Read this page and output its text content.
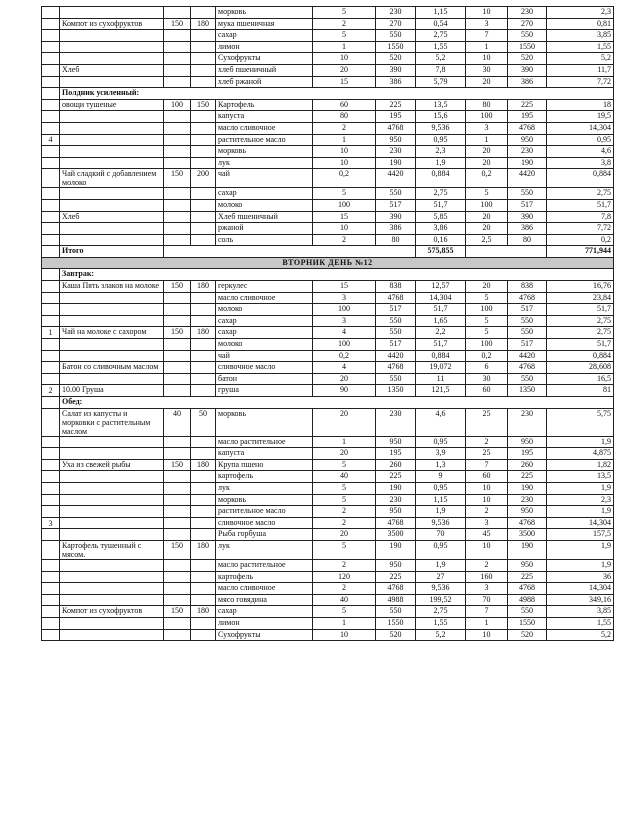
				морковь	5	230	1,15	10	230	2,3
	Компот из сухофруктов	150	180	мука пшеничная	2	270	0,54	3	270	0,81
				сахар	5	550	2,75	7	550	3,85
				лимон	1	1550	1,55	1	1550	1,55
				Сухофрукты	10	520	5,2	10	520	5,2
	Хлеб			хлеб пшеничный	20	390	7,8	30	390	11,7
				хлеб ржаной	15	386	5,79	20	386	7,72
	Полдник усиленный:									
	овощи тушеные	100	150	Картофель	60	225	13,5	80	225	18
				капуста	80	195	15,6	100	195	19,5
				масло сливочное	2	4768	9,536	3	4768	14,304
4				растительное масло	1	950	0,95	1	950	0,95
				морковь	10	230	2,3	20	230	4,6
				лук	10	190	1,9	20	190	3,8
	Чай сладкий с добавлением молоко	150	200	чай	0,2	4420	0,884	0,2	4420	0,884
				сахар	5	550	2,75	5	550	2,75
				молоко	100	517	51,7	100	517	51,7
	Хлеб			Хлеб пшеничный	15	390	5,85	20	390	7,8
				ржаной	10	386	3,86	20	386	7,72
				соль	2	80	0,16	2,5	80	0,2
	Итого						575,855			771,944
ВТОРНИК ДЕНЬ №12										
	Завтрак:									
	Каша Пять злаков на молоке	150	180	геркулес	15	838	12,57	20	838	16,76
				масло сливочное	3	4768	14,304	5	4768	23,84
				молоко	100	517	51,7	100	517	51,7
				сахар	3	550	1,65	5	550	2,75
1	Чай на молоке с сахором	150	180	сахар	4	550	2,2	5	550	2,75
				молоко	100	517	51,7	100	517	51,7
				чай	0,2	4420	0,884	0,2	4420	0,884
	Батон со сливочным маслом			сливочное масло	4	4768	19,072	6	4768	28,608
				батон	20	550	11	30	550	16,5
2	10.00 Груша			груша	90	1350	121,5	60	1350	81
	Обед:									
	Салат из капусты и морковки с растительным маслом	40	50	морковь	20	230	4,6	25	230	5,75
				масло растительное	1	950	0,95	2	950	1,9
				капуста	20	195	3,9	25	195	4,875
	Уха из свежей рыбы	150	180	Крупа пшено	5	260	1,3	7	260	1,82
				картофель	40	225	9	60	225	13,5
				лук	5	190	0,95	10	190	1,9
				морковь	5	230	1,15	10	230	2,3
				растительное масло	2	950	1,9	2	950	1,9
3				сливочное масло	2	4768	9,536	3	4768	14,304
				Рыба горбуша	20	3500	70	45	3500	157,5
	Картофель тушенный с мясом.	150	180	лук	5	190	0,95	10	190	1,9
				масло растительное	2	950	1,9	2	950	1,9
				картофель	120	225	27	160	225	36
				масло сливочное	2	4768	9,536	3	4768	14,304
				мясо говядина	40	4988	199,52	70	4988	349,16
	Компот из сухофруктов	150	180	сахар	5	550	2,75	7	550	3,85
				лимон	1	1550	1,55	1	1550	1,55
				Сухофрукты	10	520	5,2	10	520	5,2
